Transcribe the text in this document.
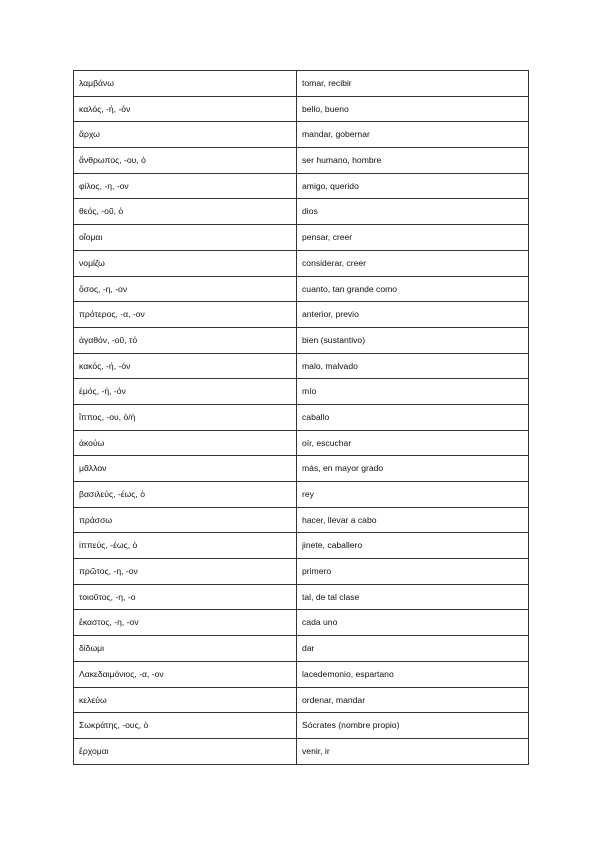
λαμβάνω	tomar, recibir
καλός, -ή, -όν	bello, bueno
ἄρχω	mandar, gobernar
ἄνθρωπος, -ου, ὁ	ser humano, hombre
φίλος, -η, -ον	amigo, querido
θεός, -οῦ, ὁ	dios
οἴομαι	pensar, creer
νομίζω	considerar, creer
ὅσος, -η, -ον	cuanto, tan grande como
πρότερος, -α, -ον	anterior, previo
ἀγαθόν, -οῦ, τό	bien (sustantivo)
κακός, -ή, -όν	malo, malvado
ἐμός, -ή, -όν	mío
ἵππος, -ου, ὁ/ἡ	caballo
ἀκούω	oír, escuchar
μᾶλλον	más, en mayor grado
βασιλεύς, -έως, ὁ	rey
πράσσω	hacer, llevar a cabo
ἱππεύς, -έως, ὁ	jinete, caballero
πρῶτος, -η, -ον	primero
τοιοῦτος, -η, -ο	tal, de tal clase
ἕκαστος, -η, -ον	cada uno
δίδωμι	dar
Λακεδαιμόνιος, -α, -ον	lacedemonio, espartano
κελεύω	ordenar, mandar
Σωκράτης, -ους, ὁ	Sócrates (nombre propio)
ἔρχομαι	venir, ir
